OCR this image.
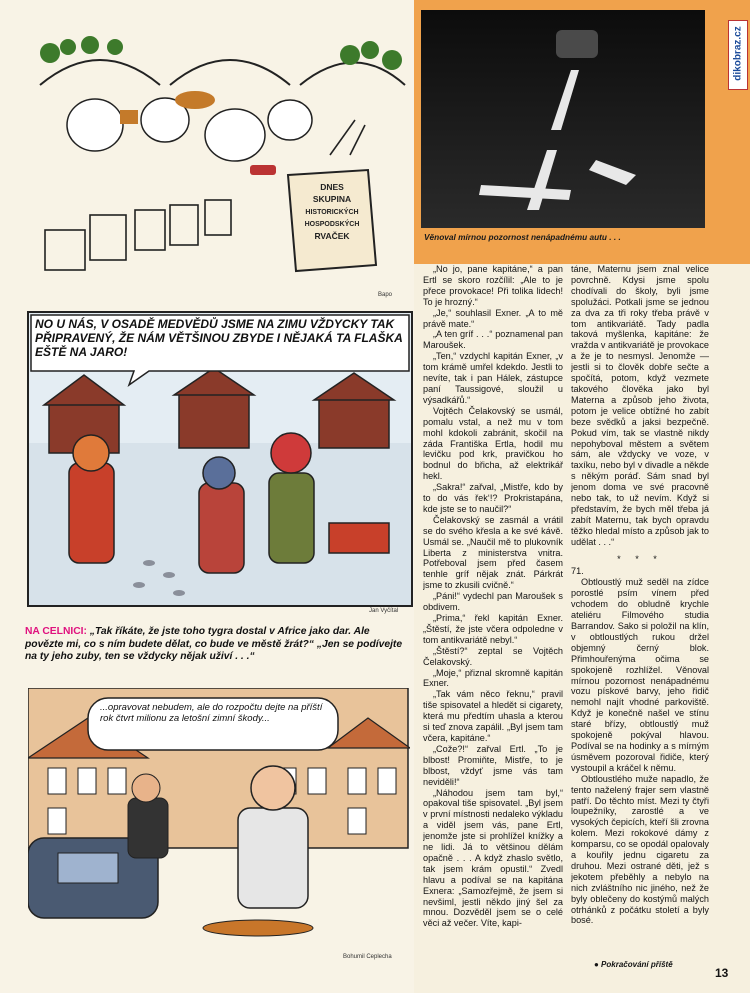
DNES
SKUPINA
HISTORICKÝCH
HOSPODSKÝCH
RVAČEK
Bapo
NO U NÁS, V OSADĚ MEDVĚDŮ JSME NA ZIMU VŽDYCKY TAK PŘIPRAVENÝ, ŽE NÁM VĚTŠINOU ZBYDE I NĚJAKÁ TA FLAŠKA EŠTĚ NA JARO!
Jan Vyčítal
NA CELNICI: „Tak říkáte, že jste toho tygra dostal v Africe jako dar. Ale povězte mi, co s ním budete dělat, co bude ve městě žrát?“ „Jen se podívejte na ty jeho zuby, ten se vždycky nějak uživí . . .“
...opravovat nebudem, ale do rozpočtu dejte na příští rok čtvrt milionu za letošní zimní škody...
Bohumil Ceplecha
Věnoval mírnou pozornost nenápadnému autu . . .
dikobraz.cz

„No jo, pane kapitáne,“ a pan Ertl se skoro rozčílil: „Ale to je přece provokace! Při tolika lidech! To je hrozný.“

„Je,“ souhlasil Exner. „A to mě právě mate.“

„A ten gríf . . .“ poznamenal pan Maroušek.

„Ten,“ vzdychl kapitán Exner, „v tom krámě umřel kdekdo. Jestli to nevíte, tak i pan Hálek, zástupce paní Taussigové, sloužil u výsadkářů.“

Vojtěch Čelakovský se usmál, pomalu vstal, a než mu v tom mohl kdokoli zabránit, skočil na záda Františka Ertla, hodil mu levičku pod krk, pravičkou ho bodnul do břicha, až elektrikář hekl.

„Sakra!“ zařval, „Mistře, kdo by to do vás řek‘!? Prokristapána, kde jste se to naučil?“

Čelakovský se zasmál a vrátil se do svého křesla a ke své kávě. Usmál se. „Naučil mě to plukovník Liberta z ministerstva vnitra. Potřeboval jsem před časem tenhle gríf nějak znát. Párkrát jsme to zkusili cvičně.“

„Páni!“ vydechl pan Maroušek s obdivem.

„Prima,“ řekl kapitán Exner. „Štěstí, že jste včera odpoledne v tom antikvariátě nebyl.“

„Štěstí?“ zeptal se Vojtěch Čelakovský.

„Moje,“ přiznal skromně kapitán Exner.

„Tak vám něco řeknu,“ pravil tiše spisovatel a hledět si cigarety, která mu předtím uhasla a kterou si teď znova zapálil. „Byl jsem tam včera, kapitáne.“

„Cože?!“ zařval Ertl. „To je blbost! Promiňte, Mistře, to je blbost, vždyť jsme vás tam neviděli!“

„Náhodou jsem tam byl,“ opakoval tiše spisovatel. „Byl jsem v první místnosti nedaleko výkladu a viděl jsem vás, pane Ertl, jenomže jste si prohlížel knížky a ne lidi. Já to většinou dělám opačně . . . A když zhaslo světlo, tak jsem krám opustil.“ Zvedl hlavu a podíval se na kapitána Exnera: „Samozřejmě, že jsem si nevšiml, jestli někdo jiný šel za mnou. Dozvěděl jsem se o celé věci až večer. Víte, kapi-

táne, Maternu jsem znal velice povrchně. Kdysi jsme spolu chodívali do školy, byli jsme spolužáci. Potkali jsme se jednou za dva za tři roky třeba právě v tom antikvariátě. Tady padla taková myšlenka, kapitáne: že vražda v antikvariátě je provokace a že je to nesmysl. Jenomže — jestli si to člověk dobře sečte a spočítá, potom, když vezmete takového člověka jako byl Materna a způsob jeho života, potom je velice obtížné ho zabít beze svědků a jaksi bezpečně. Pokud vím, tak se vlastně nikdy nepohyboval městem a světem sám, ale vždycky ve voze, v taxíku, nebo byl v divadle a někde s někým poráď. Sám snad byl jenom doma ve své pracovně nebo tak, to už nevím. Když si představím, že bych měl třeba já zabít Maternu, tak bych opravdu těžko hledal místo a způsob jak to udělat . . .“

* * *

71.

Obtloustlý muž seděl na zídce porostlé psím vínem před vchodem do obludně krychle ateliéru Filmového studia Barrandov. Sako si položil na klín, v obtloustlých rukou držel objemný černý blok. Přimhouřenýma očima se spokojeně rozhlížel. Věnoval mírnou pozornost nenápadnému vozu pískové barvy, jeho řidič nemohl najít vhodné parkoviště. Když je konečně našel ve stínu staré břízy, obtloustlý muž spokojeně pokýval hlavou. Podíval se na hodinky a s mírným úsměvem pozoroval řidiče, který vystoupil a kráčel k němu.

Obtloustlého muže napadlo, že tento naželený frajer sem vlastně patří. Do těchto míst. Mezi ty čtyři loupežníky, zarostlé a ve vysokých čepicích, kteří šli zrovna kolem. Mezi rokokové dámy z komparsu, co se opodál opalovaly a kouřily jednu cigaretu za druhou. Mezi ostrané děti, jež s jekotem přeběhly a nebylo na nich zvláštního nic jiného, než že byly oblečeny do kostýmů malých otrhánků z počátku století a byly bosé.

● Pokračování příště
13
